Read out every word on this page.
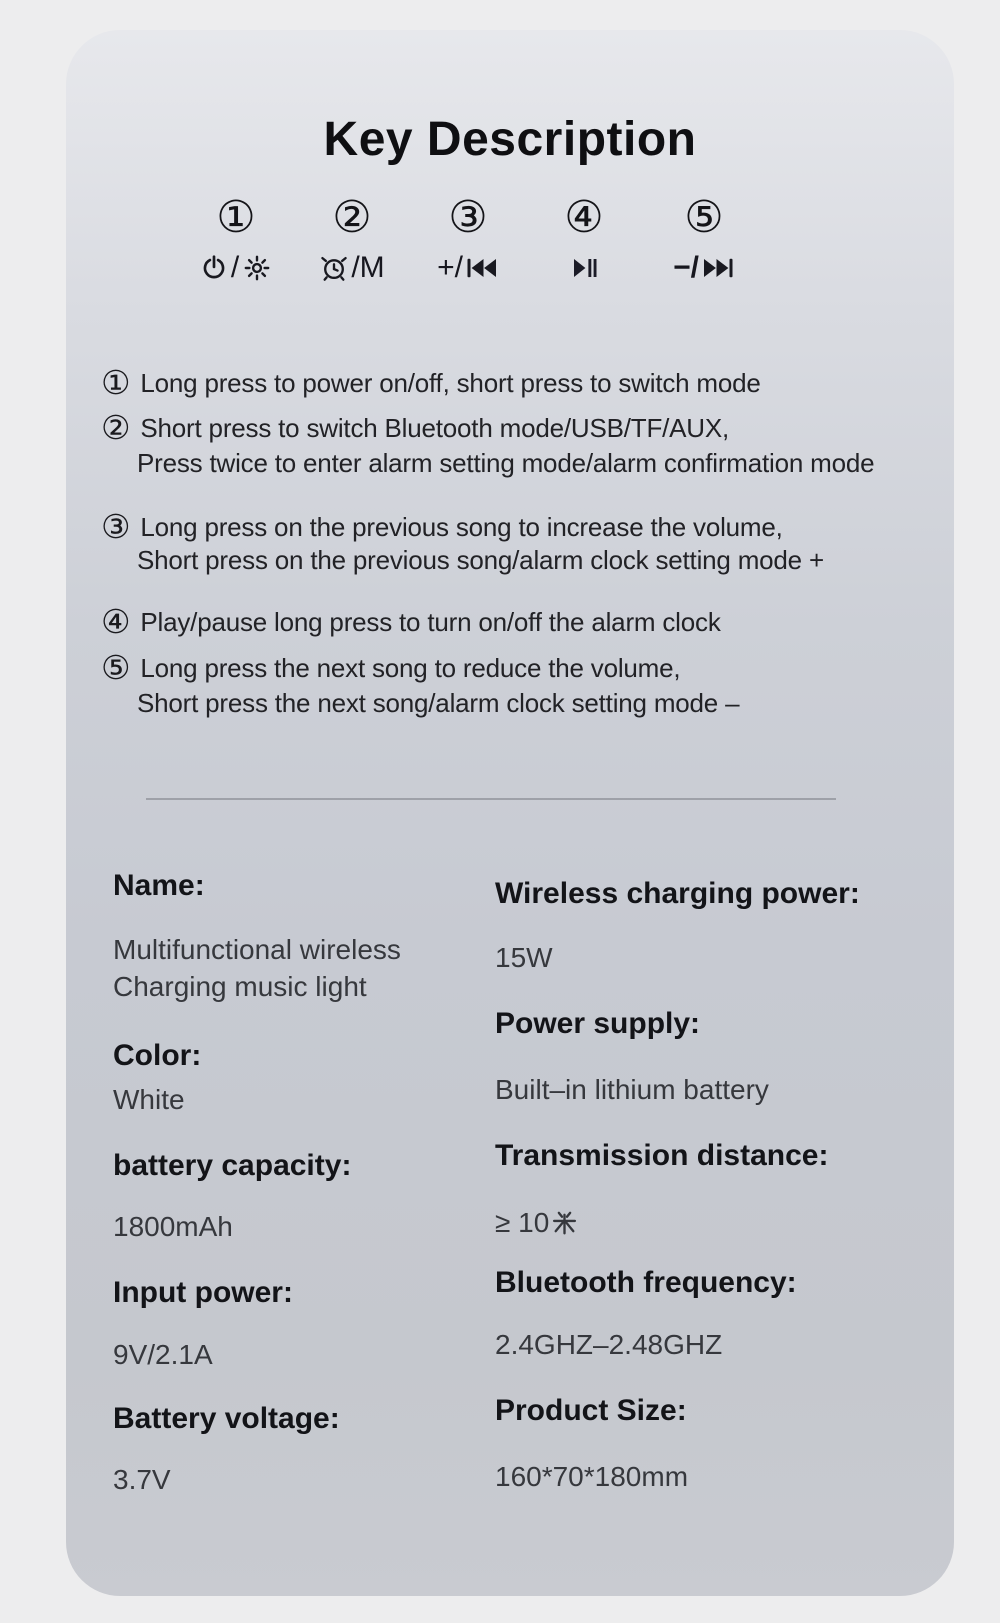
Key Description
①
/
②
/M
③
+/
④	⑤
−/
① Long press to power on/off, short press to switch mode
② Short press to switch Bluetooth mode/USB/TF/AUX,
Press twice to enter alarm setting mode/alarm confirmation mode
③ Long press on the previous song to increase the volume,
Short press on the previous song/alarm clock setting mode +
④ Play/pause long press to turn on/off the alarm clock
⑤ Long press the next song to reduce the volume,
Short press the next song/alarm clock setting mode –
Name:
Multifunctional wireless
Charging music light
Color:
White
battery capacity:
1800mAh
Input power:
9V/2.1A
Battery voltage:
3.7V
Wireless charging power:
15W
Power supply:
Built–in lithium battery
Transmission distance:
≥ 10
Bluetooth frequency:
2.4GHZ–2.48GHZ
Product Size:
160*70*180mm
